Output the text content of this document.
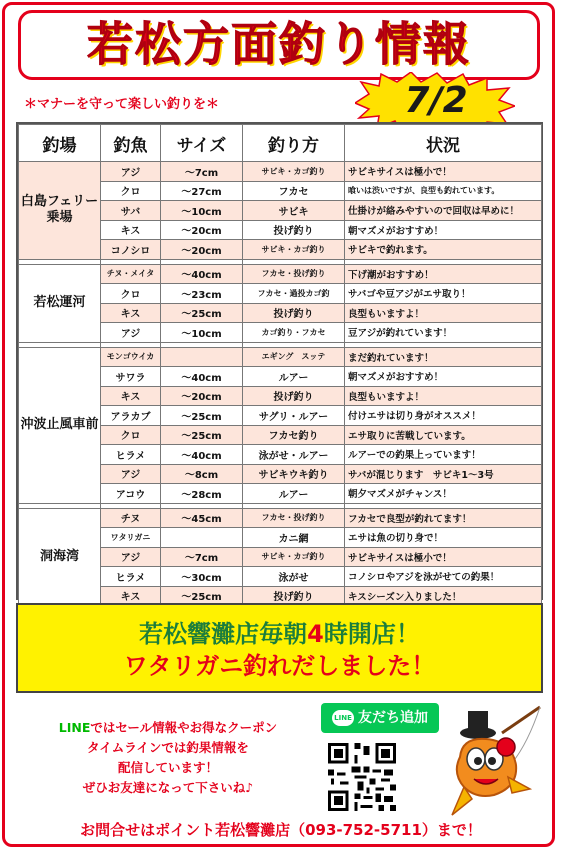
若松方面釣り情報
＊マナーを守って楽しい釣りを＊	7/2
釣場	釣魚	サイズ	釣り方	状況
白島フェリー乗場	アジ	～7cm	サビキ・カゴ釣り	サビキサイスは極小で！
	クロ	～27cm	フカセ	喰いは渋いですが、良型も釣れています。
	サバ	～10cm	サビキ	仕掛けが絡みやすいので回収は早めに！
	キス	～20cm	投げ釣り	朝マズメがおすすめ！
	コノシロ	～20cm	サビキ・カゴ釣り	サビキで釣れます。

若松運河	チヌ・メイタ	～40cm	フカセ・投げ釣り	下げ潮がおすすめ！
	クロ	～23cm	フカセ・過投カゴ釣	サバゴや豆アジがエサ取り！
	キス	～25cm	投げ釣り	良型もいますよ！
	アジ	～10cm	カゴ釣り・フカセ	豆アジが釣れています！

沖波止風車前	モンゴウイカ		エギング　スッテ	まだ釣れています！
	サワラ	～40cm	ルアー	朝マズメがおすすめ！
	キス	～20cm	投げ釣り	良型もいますよ！
	アラカブ	～25cm	サグリ・ルアー	付けエサは切り身がオススメ！
	クロ	～25cm	フカセ釣り	エサ取りに苦戦しています。
	ヒラメ	～40cm	泳がせ・ルアー	ルアーでの釣果上っています！
	アジ	～8cm	サビキウキ釣り	サバが混じります　サビキ1～3号
	アコウ	～28cm	ルアー	朝夕マズメがチャンス！

洞海湾	チヌ	～45cm	フカセ・投げ釣り	フカセで良型が釣れてます！
	ワタリガニ		カニ網	エサは魚の切り身で！
	アジ	～7cm	サビキ・カゴ釣り	サビキサイスは極小で！
	ヒラメ	～30cm	泳がせ	コノシロやアジを泳がせての釣果！
	キス	～25cm	投げ釣り	キスシーズン入りました！
若松響灘店毎朝4時開店！
ワタリガニ釣れだしました！
LINEではセール情報やお得なクーポン
タイムラインでは釣果情報を
配信しています！
ぜひお友達になって下さいね♪
LINE 友だち追加
お問合せはポイント若松響灘店（093-752-5711）まで！
